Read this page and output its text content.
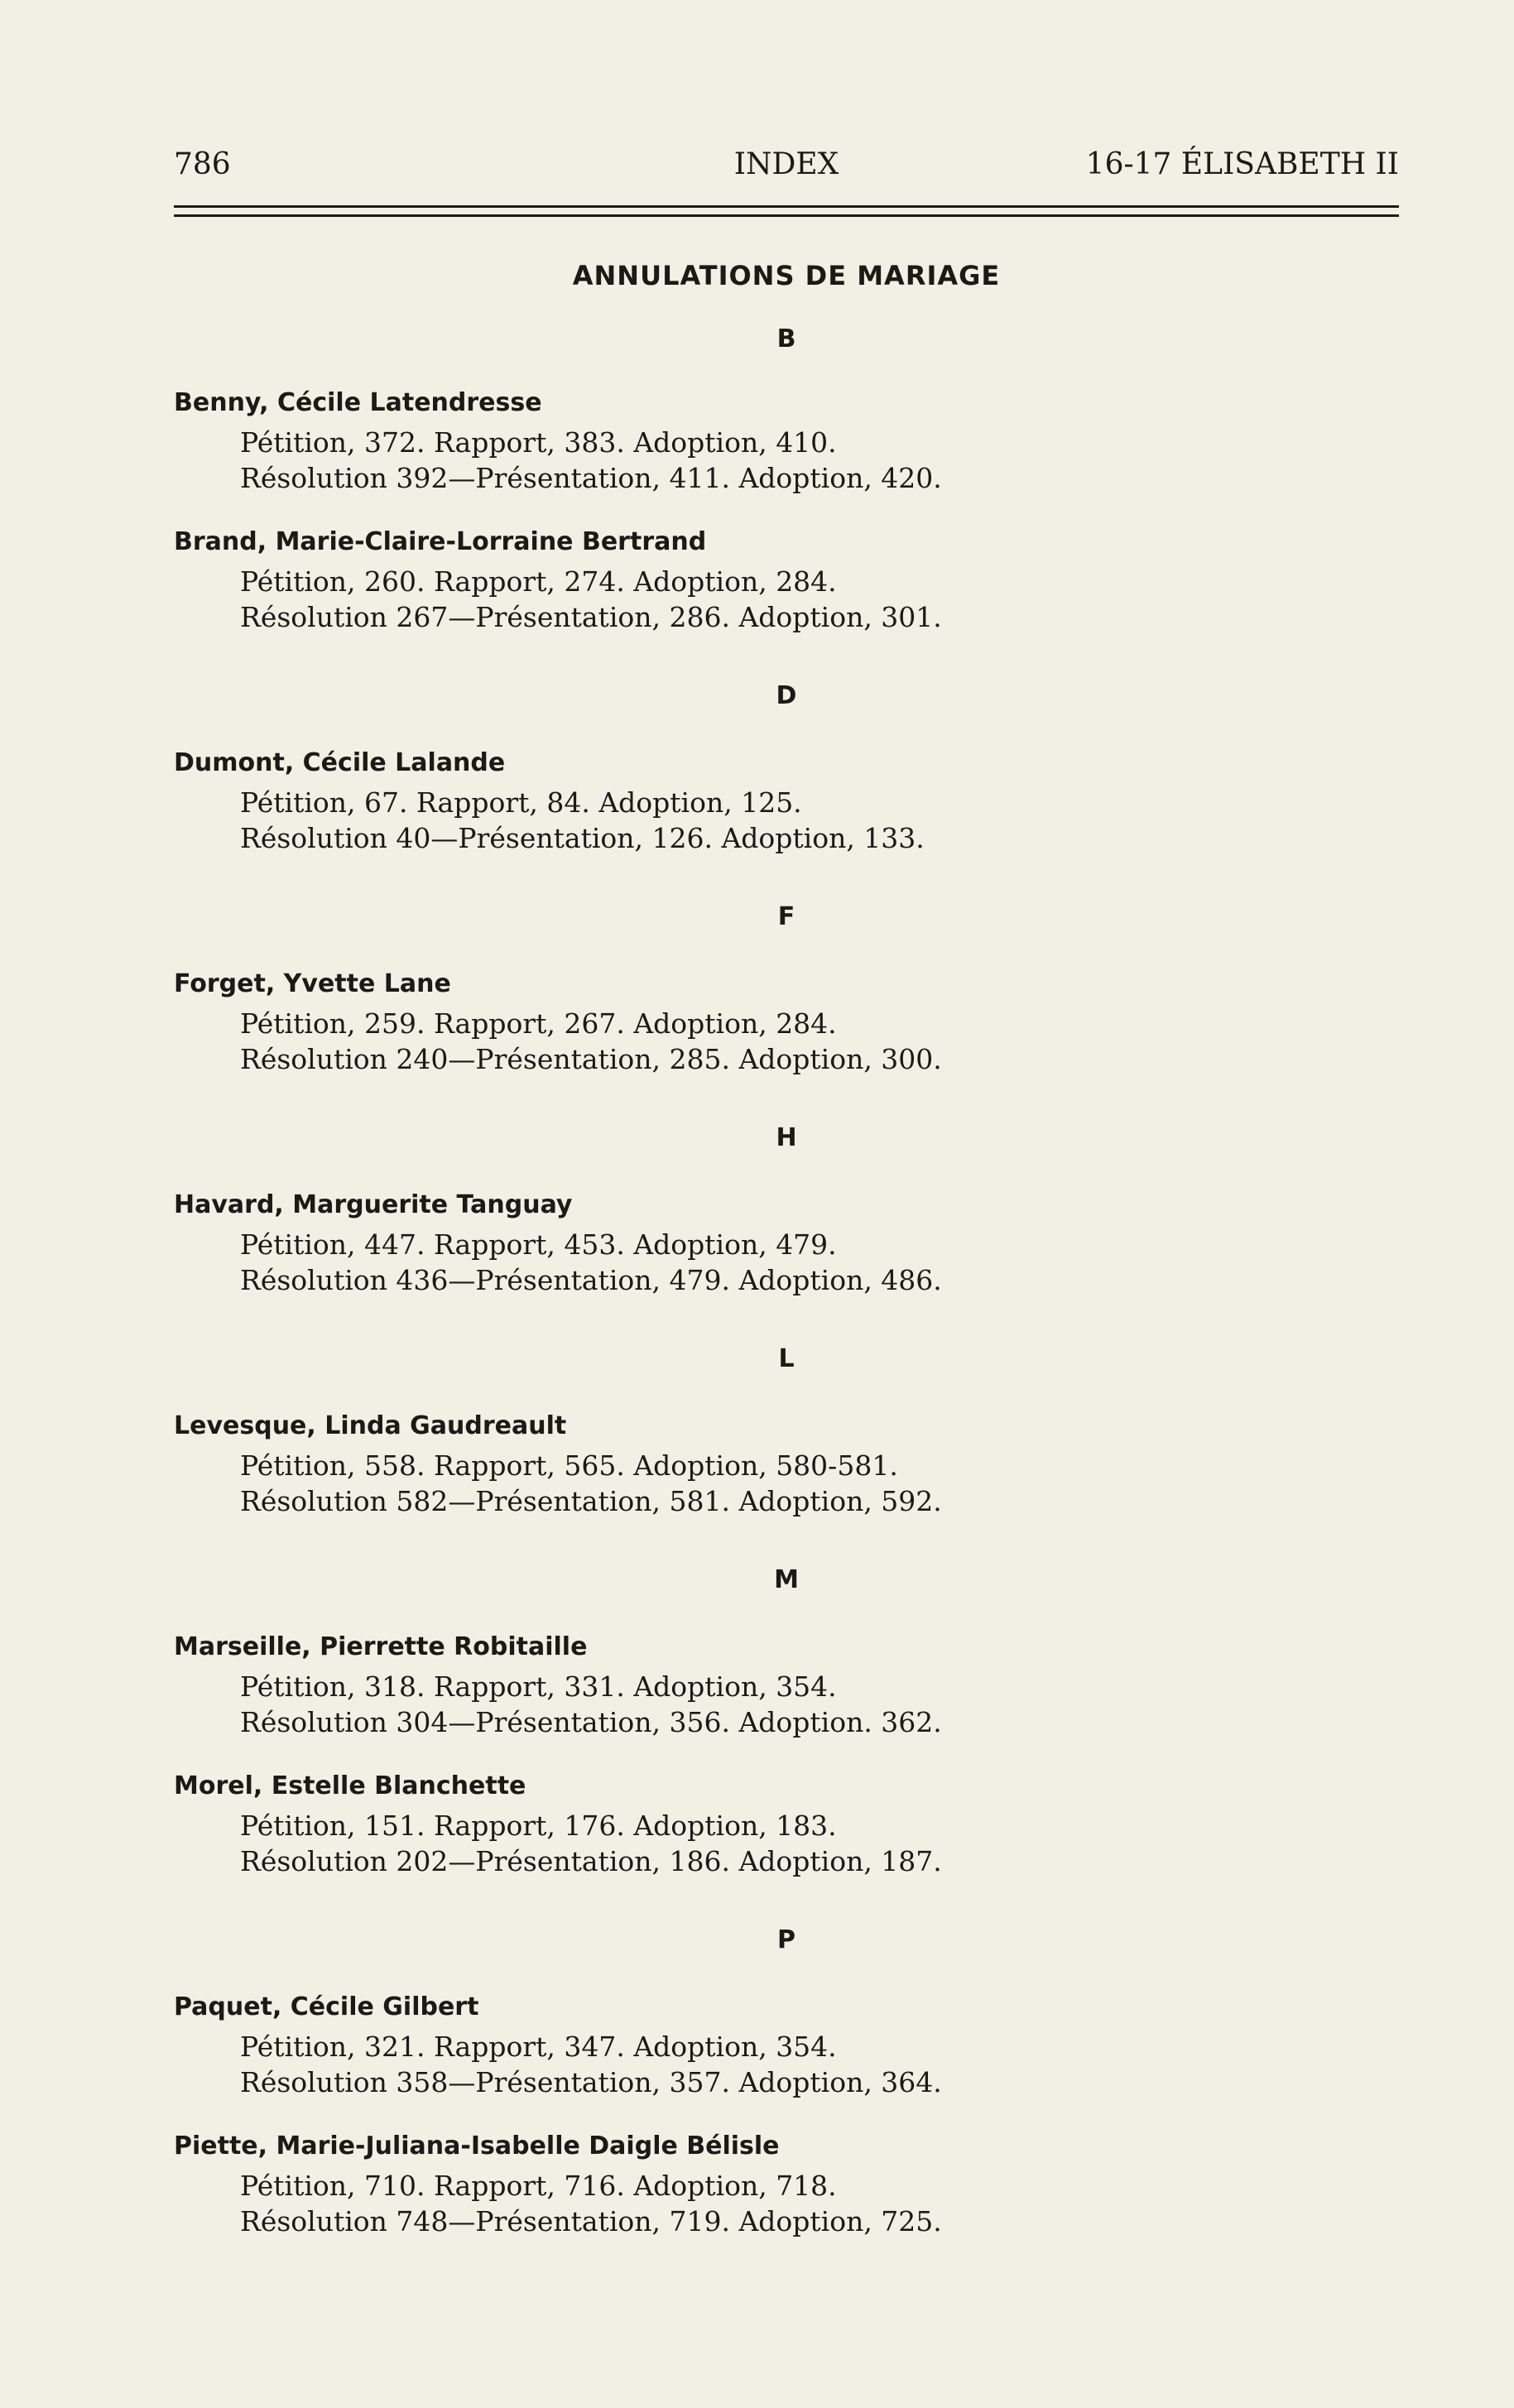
786	INDEX	16-17 ÉLISABETH II
ANNULATIONS DE MARIAGE
B
Benny, Cécile Latendresse
Pétition, 372. Rapport, 383. Adoption, 410.
Résolution 392—Présentation, 411. Adoption, 420.
Brand, Marie-Claire-Lorraine Bertrand
Pétition, 260. Rapport, 274. Adoption, 284.
Résolution 267—Présentation, 286. Adoption, 301.
D
Dumont, Cécile Lalande
Pétition, 67. Rapport, 84. Adoption, 125.
Résolution 40—Présentation, 126. Adoption, 133.
F
Forget, Yvette Lane
Pétition, 259. Rapport, 267. Adoption, 284.
Résolution 240—Présentation, 285. Adoption, 300.
H
Havard, Marguerite Tanguay
Pétition, 447. Rapport, 453. Adoption, 479.
Résolution 436—Présentation, 479. Adoption, 486.
L
Levesque, Linda Gaudreault
Pétition, 558. Rapport, 565. Adoption, 580-581.
Résolution 582—Présentation, 581. Adoption, 592.
M
Marseille, Pierrette Robitaille
Pétition, 318. Rapport, 331. Adoption, 354.
Résolution 304—Présentation, 356. Adoption. 362.
Morel, Estelle Blanchette
Pétition, 151. Rapport, 176. Adoption, 183.
Résolution 202—Présentation, 186. Adoption, 187.
P
Paquet, Cécile Gilbert
Pétition, 321. Rapport, 347. Adoption, 354.
Résolution 358—Présentation, 357. Adoption, 364.
Piette, Marie-Juliana-Isabelle Daigle Bélisle
Pétition, 710. Rapport, 716. Adoption, 718.
Résolution 748—Présentation, 719. Adoption, 725.
